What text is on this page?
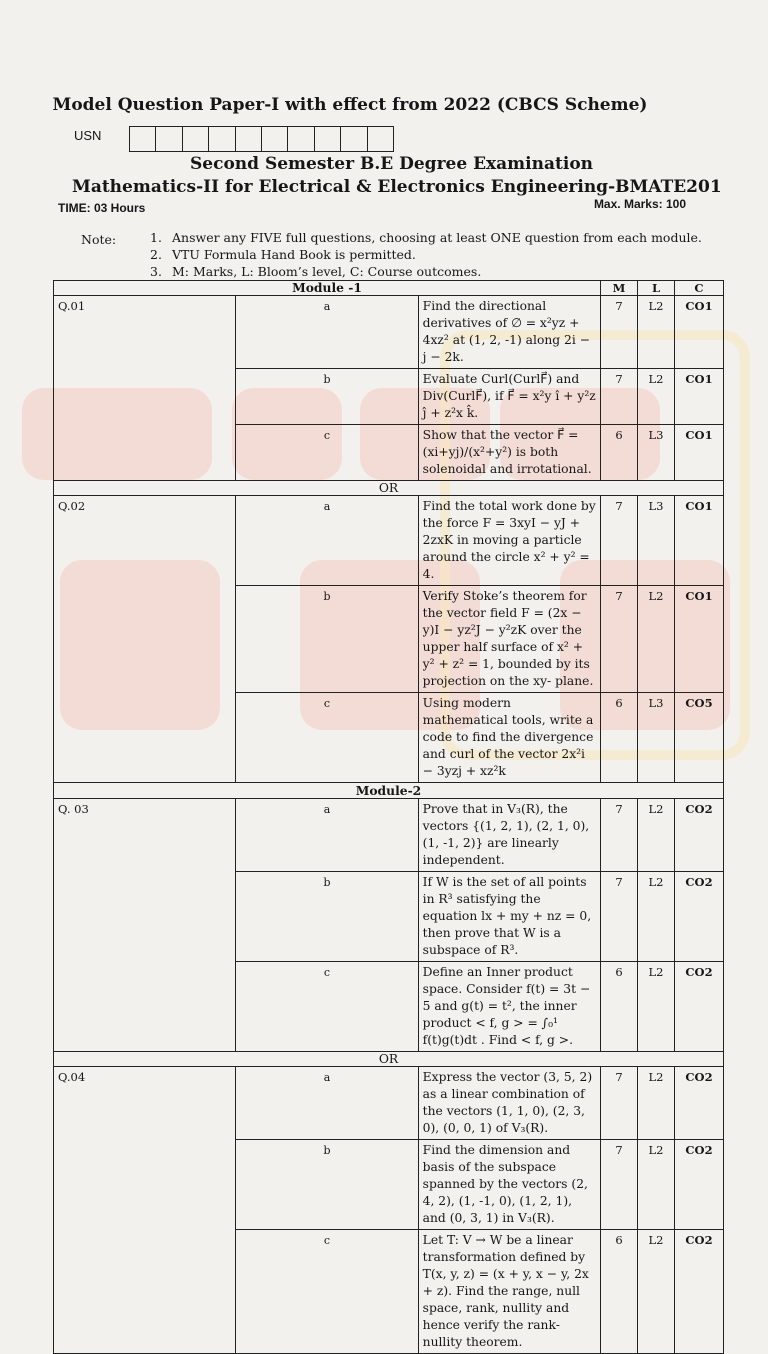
Model Question Paper-I with effect from 2022 (CBCS Scheme)
USN
Second Semester B.E Degree Examination
Mathematics-II for Electrical & Electronics Engineering-BMATE201
TIME: 03 Hours	Max. Marks: 100
Note:	1. Answer any FIVE full questions, choosing at least ONE question from each module.
2. VTU Formula Hand Book is permitted.
3. M: Marks, L: Bloom’s level, C: Course outcomes.
Module -1			M	L	C
Q.01	a	Find the directional derivatives of ∅ = x²yz + 4xz² at (1, 2, -1) along 2i − j − 2k.	7	L2	CO1
	b	Evaluate Curl(CurlF⃗) and Div(CurlF⃗), if F⃗ = x²y î + y²z ĵ + z²x k̂.	7	L2	CO1
	c	Show that the vector F⃗ = (xi+yj)/(x²+y²) is both solenoidal and irrotational.	6	L3	CO1
OR					
Q.02	a	Find the total work done by the force F = 3xyI − yJ + 2zxK in moving a particle around the circle x² + y² = 4.	7	L3	CO1
	b	Verify Stoke’s theorem for the vector field F = (2x − y)I − yz²J − y²zK over the upper half surface of x² + y² + z² = 1, bounded by its projection on the xy- plane.	7	L2	CO1
	c	Using modern mathematical tools, write a code to find the divergence and curl of the vector 2x²i − 3yzj + xz²k	6	L3	CO5
Module-2					
Q. 03	a	Prove that in V₃(R), the vectors {(1, 2, 1), (2, 1, 0), (1, -1, 2)} are linearly independent.	7	L2	CO2
	b	If W is the set of all points in R³ satisfying the equation lx + my + nz = 0, then prove that W is a subspace of R³.	7	L2	CO2
	c	Define an Inner product space. Consider f(t) = 3t − 5 and g(t) = t², the inner product < f, g > = ∫₀¹ f(t)g(t)dt . Find < f, g >.	6	L2	CO2
OR					
Q.04	a	Express the vector (3, 5, 2) as a linear combination of the vectors (1, 1, 0), (2, 3, 0), (0, 0, 1) of V₃(R).	7	L2	CO2
	b	Find the dimension and basis of the subspace spanned by the vectors (2, 4, 2), (1, -1, 0), (1, 2, 1), and (0, 3, 1) in V₃(R).	7	L2	CO2
	c	Let T: V → W be a linear transformation defined by T(x, y, z) = (x + y, x − y, 2x + z). Find the range, null space, rank, nullity and hence verify the rank-nullity theorem.	6	L2	CO2
